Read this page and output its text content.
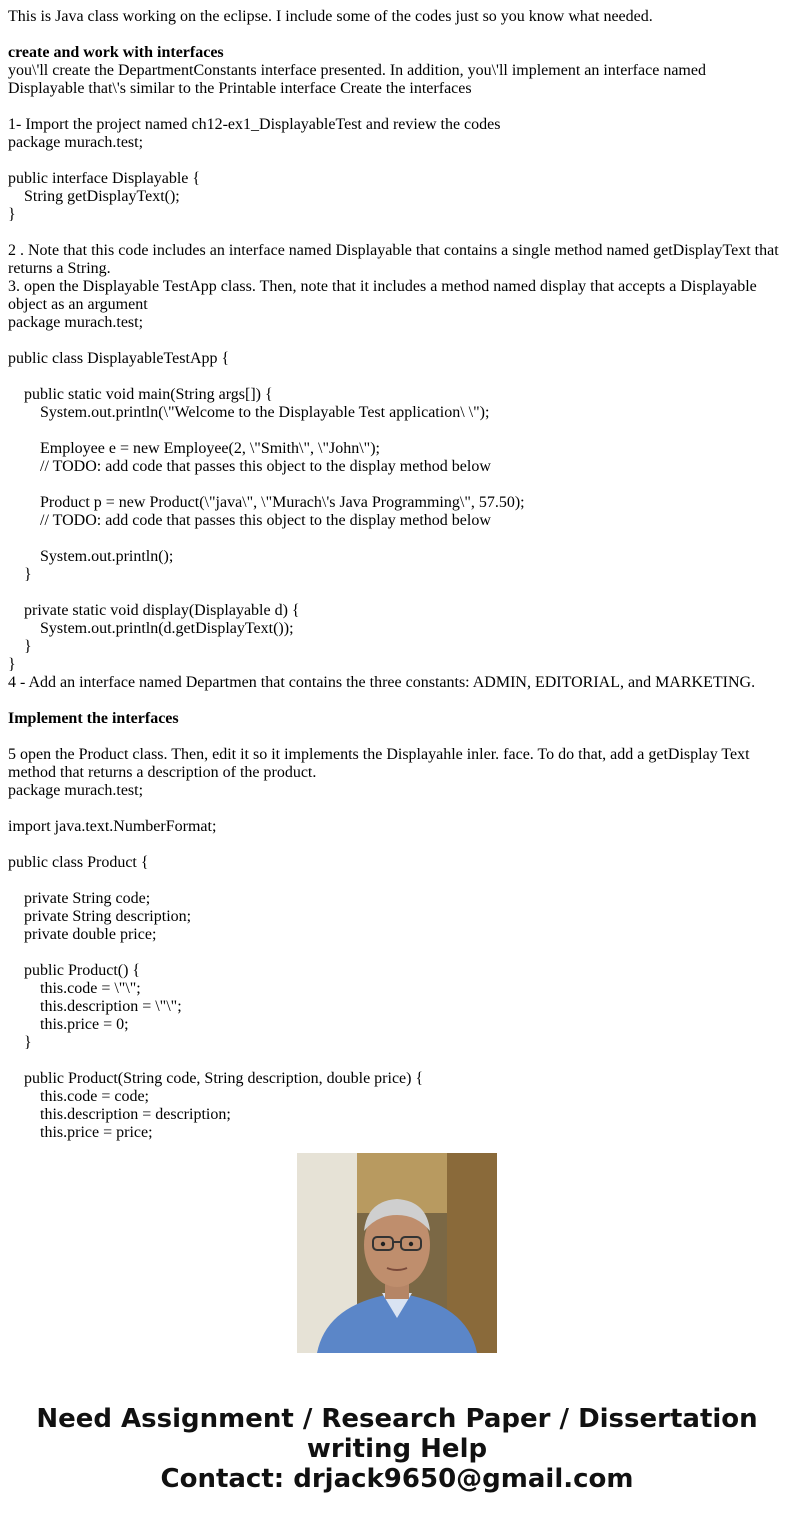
This is Java class working on the eclipse. I include some of the codes just so you know what needed.

create and work with interfaces

you\'ll create the DepartmentConstants interface presented. In addition, you\'ll implement an interface named Displayable that\'s similar to the Printable interface Create the interfaces

1- Import the project named ch12-ex1_DisplayableTest and review the codes

package murach.test;

public interface Displayable {
String getDisplayText();
}

2 . Note that this code includes an interface named Displayable that contains a single method named getDisplayText that returns a String.

3. open the Displayable TestApp class. Then, note that it includes a method named display that accepts a Displayable object as an argument

package murach.test;

public class DisplayableTestApp {

public static void main(String args[]) {
System.out.println(\"Welcome to the Displayable Test application\ \");

Employee e = new Employee(2, \"Smith\", \"John\");
// TODO: add code that passes this object to the display method below

Product p = new Product(\"java\", \"Murach\'s Java Programming\", 57.50);
// TODO: add code that passes this object to the display method below

System.out.println();
}

private static void display(Displayable d) {
System.out.println(d.getDisplayText());
}
}

4 - Add an interface named Departmen that contains the three constants: ADMIN, EDITORIAL, and MARKETING.

Implement the interfaces

5 open the Product class. Then, edit it so it implements the Displayahle inler. face. To do that, add a getDisplay Text method that returns a description of the product.

package murach.test;

import java.text.NumberFormat;

public class Product {

private String code;
private String description;
private double price;

public Product() {
this.code = \"\";
this.description = \"\";
this.price = 0;
}

public Product(String code, String description, double price) {
this.code = code;
this.description = description;
this.price = price;
Need Assignment / Research Paper / Dissertation
writing Help
Contact: drjack9650@gmail.com
